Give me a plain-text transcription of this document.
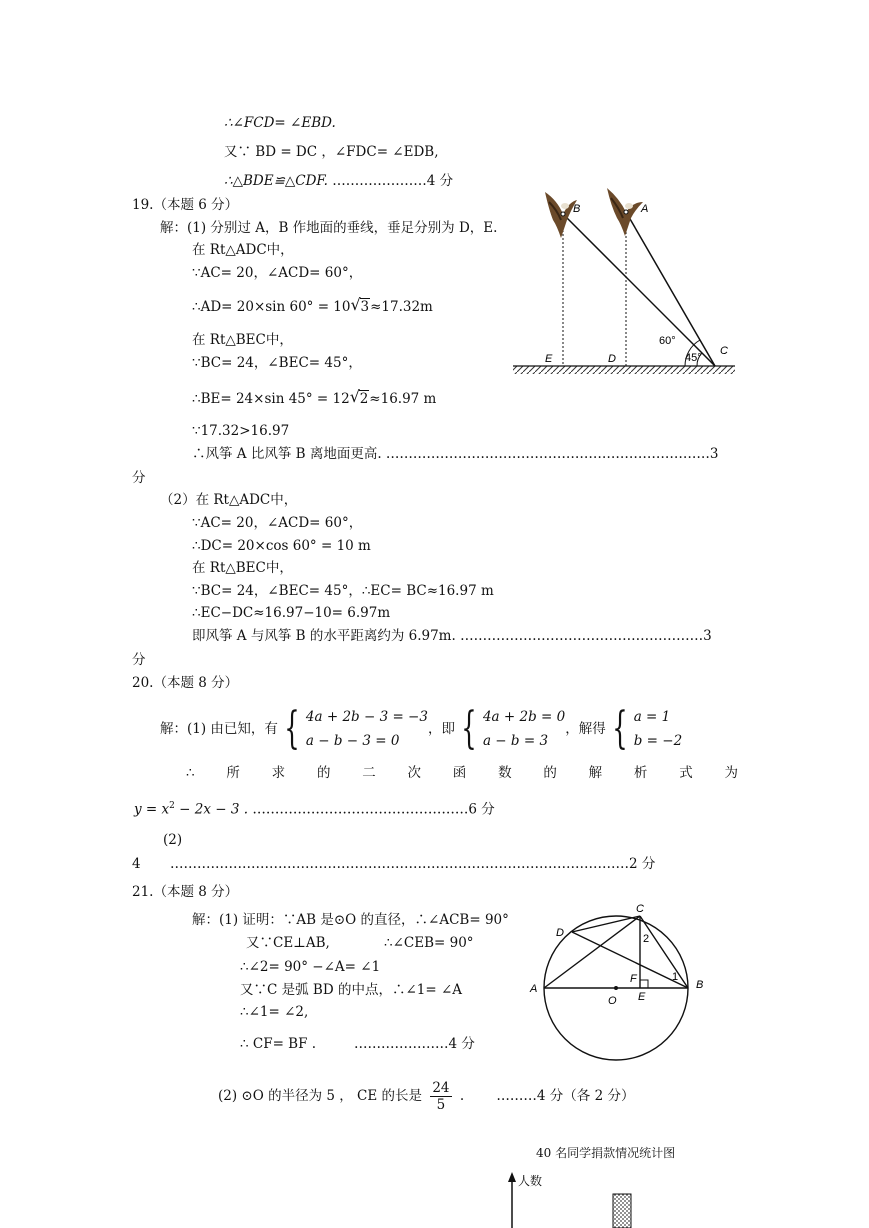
∴∠FCD= ∠EBD.
又∵ BD = DC ，∠FDC= ∠EDB,
∴△BDE≌△CDF. …………………4 分
19.（本题 6 分）
解：(1) 分别过 A，B 作地面的垂线，垂足分别为 D，E.
在 Rt△ADC中，
∵AC= 20，∠ACD= 60°，
∴AD= 20×sin 60° = 10 √ 3≈17.32m
在 Rt△BEC中，
∵BC= 24，∠BEC= 45°，
∴BE= 24×sin 45° = 12 √ 2≈16.97 m
∵17.32>16.97
∴风筝 A 比风筝 B 离地面更高. ………………………………………………………………3
分
（2）在 Rt△ADC中，
∵AC= 20，∠ACD= 60°，
∴DC= 20×cos 60° = 10 m
在 Rt△BEC中，
∵BC= 24，∠BEC= 45°，∴EC= BC≈16.97 m
∴EC−DC≈16.97−10= 6.97m
即风筝 A 与风筝 B 的水平距离约为 6.97m. ………………………………………………3
分
B	A
C
E	D
60°
45°
20.（本题 8 分）
解：(1) 由已知，有 { 4a + 2b − 3 = −3
a − b − 3 = 0
，即 { 4a + 2b = 0
a − b = 3
，解得 { a = 1
b = −2
∴ 所 求 的 二 次 函 数 的 解 析 式 为
$y = x^2 - 2x - 3$ . …………………………………………6 分
(2)
4 …………………………………………………………………………………………2 分
21.（本题 8 分）
解：(1) 证明：∵AB 是⊙O 的直径，∴∠ACB= 90°
又∵CE⊥AB,	∴∠CEB= 90°
∴∠2= 90° −∠A= ∠1
又∵C 是弧 BD 的中点，∴∠1= ∠A
∴∠1= ∠2,
∴ CF= BF .	…………………4 分
(2) ⊙O 的半径为 5 ， CE 的长是 $\frac{24}{5}$ . ………4 分（各 2 分）
C
D	2
A
F	1
B
O E
40 名同学捐款情况统计图
人数
